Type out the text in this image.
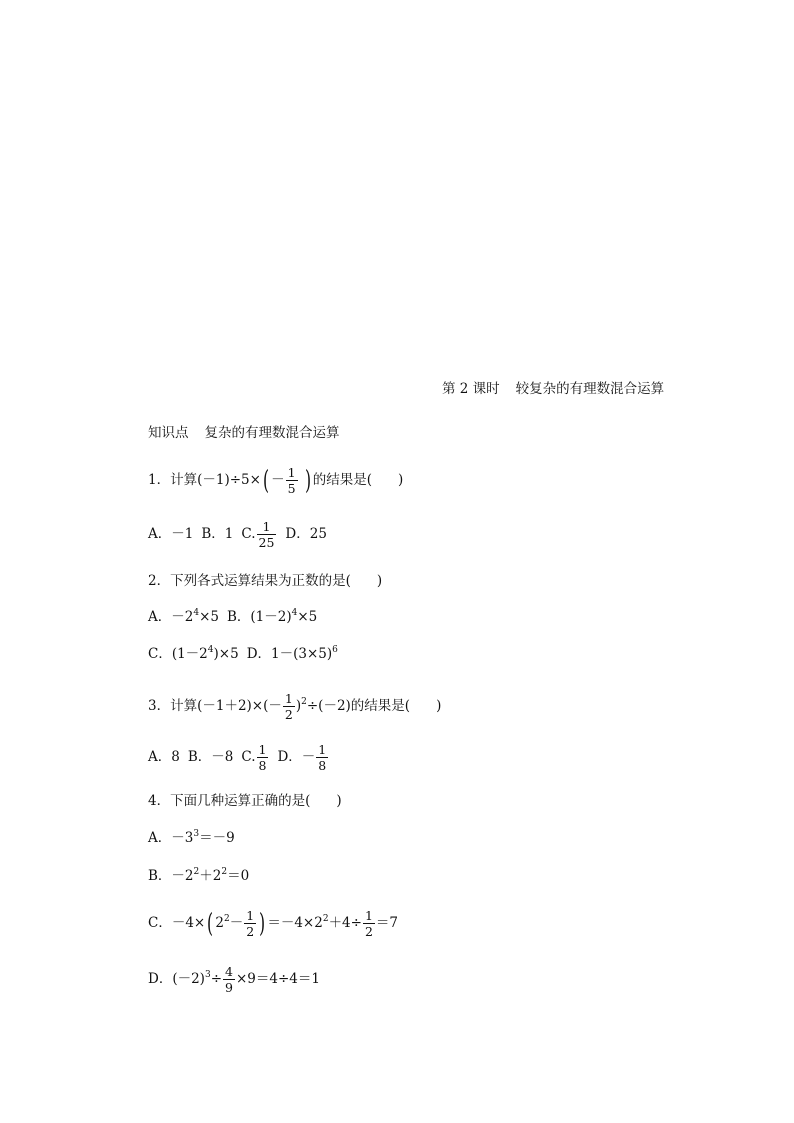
第 2 课时 较复杂的有理数混合运算
知识点 复杂的有理数混合运算
1．计算$(-1)\div 5\times( - \frac{1}{5}$ ) 的结果是( )
A．－1 B．1 C. $\frac{1}{25}$ D．25
2．下列各式运算结果为正数的是( )
A．$-2^4\times 5$ B．$(1-2)^4\times 5$
C．$(1-2^4)\times 5$ D．$1-(3\times 5)^6$
3．计算$(-1+2)\times(- \frac{1}{2} )^2\div(-2)$的结果是( )
A．8 B．－8 C. $\frac{1}{8}$ D．－ $\frac{1}{8}$
4．下面几种运算正确的是( )
A．$-3^3=-9$
B．$-2^2+2^2=0$
C．－4×( $2^2- \frac{1}{2}$ ) $=-4\times 2^2+4\div \frac{1}{2} =7$
D．$(-2)^3\div \frac{4}{9} \times 9=4\div 4=1$
